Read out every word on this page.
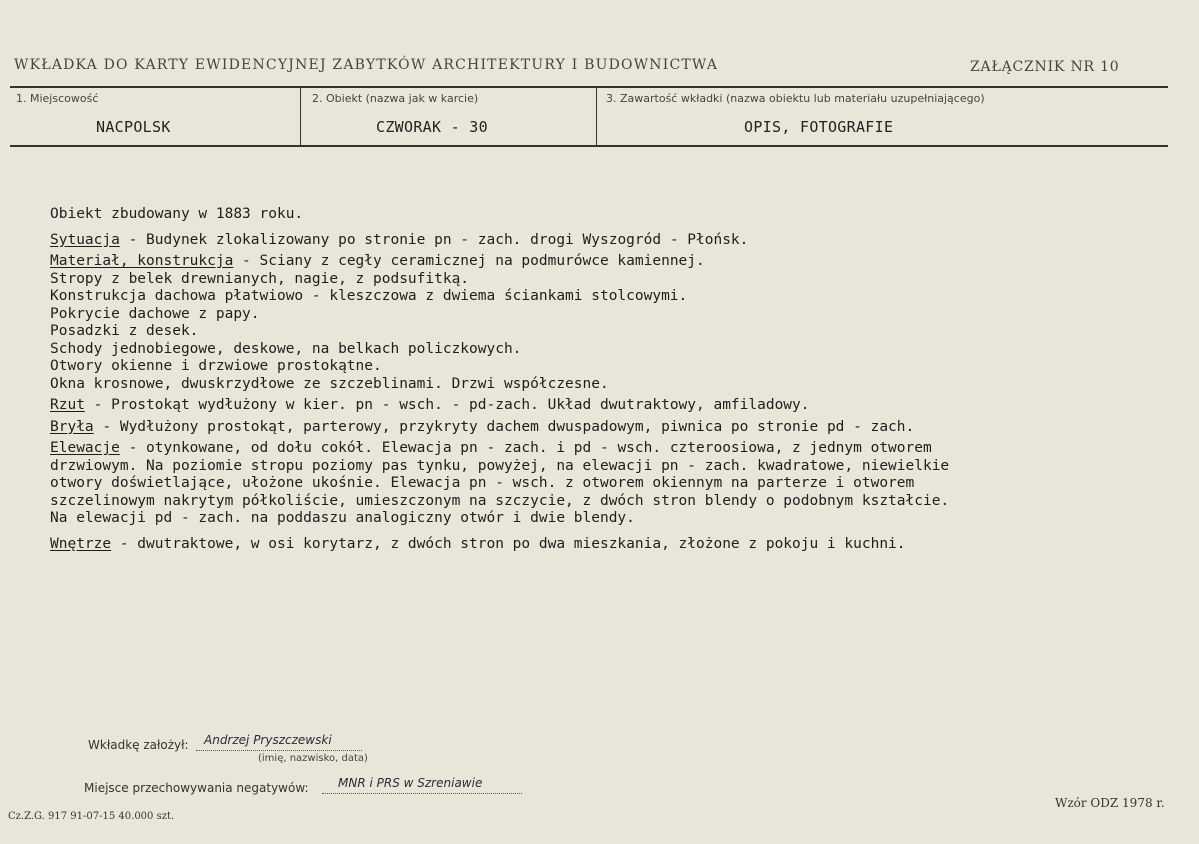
WKŁADKA DO KARTY EWIDENCYJNEJ ZABYTKÓW ARCHITEKTURY I BUDOWNICTWA	ZAŁĄCZNIK NR 10
1. Miejscowość
NACPOLSK
2. Obiekt (nazwa jak w karcie)
CZWORAK - 30
3. Zawartość wkładki (nazwa obiektu lub materiału uzupełniającego)
OPIS, FOTOGRAFIE
Obiekt zbudowany w 1883 roku.
Sytuacja - Budynek zlokalizowany po stronie pn - zach. drogi Wyszogród - Płońsk.
Materiał, konstrukcja - Sciany z cegły ceramicznej na podmurówce kamiennej.
Stropy z belek drewnianych, nagie, z podsufitką.
Konstrukcja dachowa płatwiowo - kleszczowa z dwiema ściankami stolcowymi.
Pokrycie dachowe z papy.
Posadzki z desek.
Schody jednobiegowe, deskowe, na belkach policzkowych.
Otwory okienne i drzwiowe prostokątne.
Okna krosnowe, dwuskrzydłowe ze szczeblinami. Drzwi współczesne.
Rzut - Prostokąt wydłużony w kier. pn - wsch. - pd-zach. Układ dwutraktowy, amfiladowy.
Bryła - Wydłużony prostokąt, parterowy, przykryty dachem dwuspadowym, piwnica po stronie pd - zach.
Elewacje - otynkowane, od dołu cokół. Elewacja pn - zach. i pd - wsch. czteroosiowa, z jednym otworem
drzwiowym. Na poziomie stropu poziomy pas tynku, powyżej, na elewacji pn - zach. kwadratowe, niewielkie
otwory doświetlające, ułożone ukośnie. Elewacja pn - wsch. z otworem okiennym na parterze i otworem
szczelinowym nakrytym półkoliście, umieszczonym na szczycie, z dwóch stron blendy o podobnym kształcie.
Na elewacji pd - zach. na poddaszu analogiczny otwór i dwie blendy.
Wnętrze - dwutraktowe, w osi korytarz, z dwóch stron po dwa mieszkania, złożone z pokoju i kuchni.
Wkładkę założył: Andrzej Pryszczewski
(imię, nazwisko, data)
Miejsce przechowywania negatywów: MNR i PRS w Szreniawie
Wzór ODZ 1978 r.
Cz.Z.G. 917 91-07-15 40.000 szt.
